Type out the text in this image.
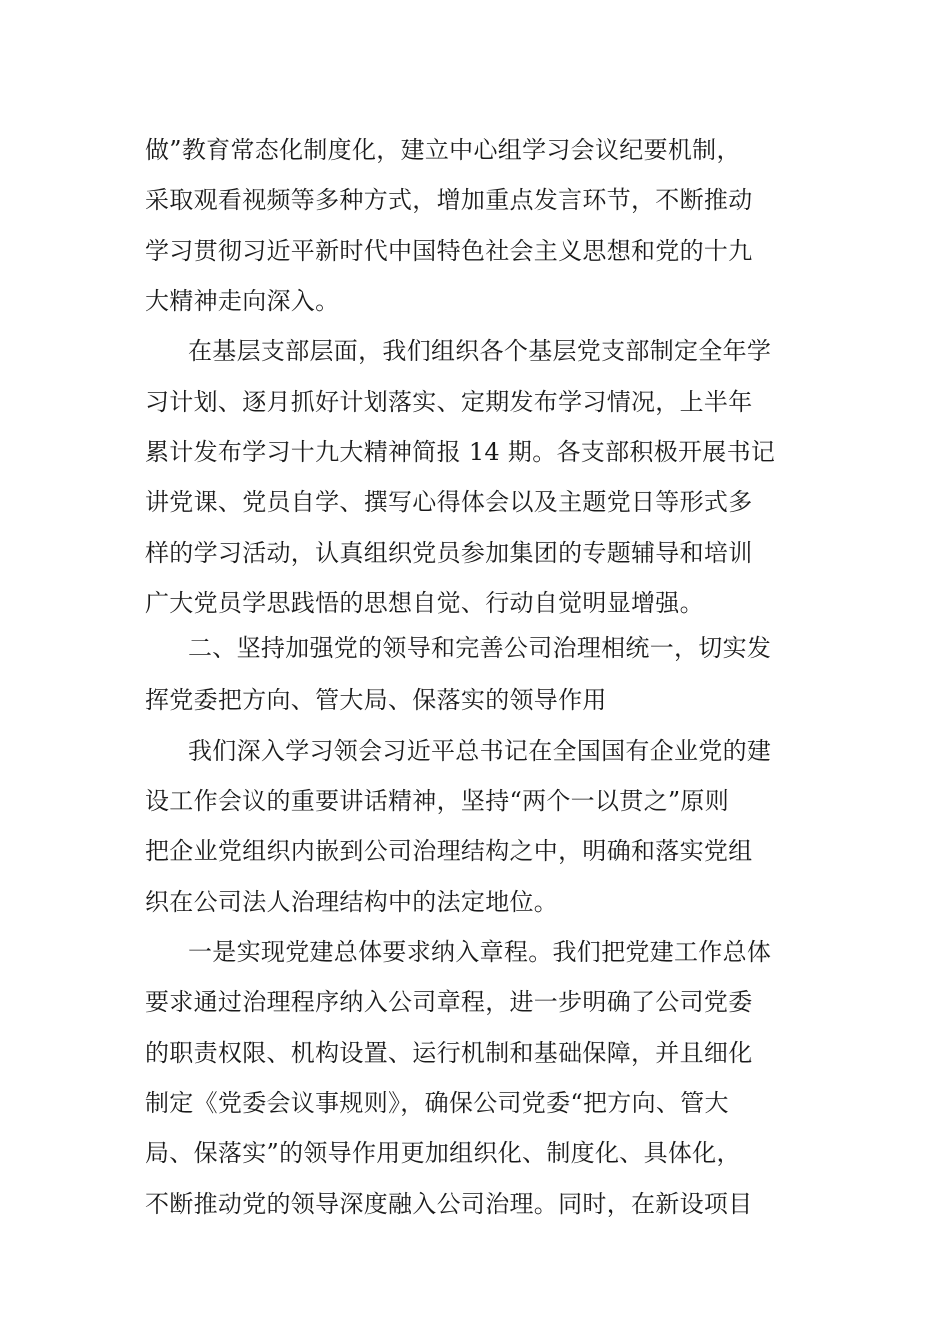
做”教育常态化制度化，建立中心组学习会议纪要机制，
采取观看视频等多种方式，增加重点发言环节，不断推动
学习贯彻习近平新时代中国特色社会主义思想和党的十九
大精神走向深入。
在基层支部层面，我们组织各个基层党支部制定全年学
习计划、逐月抓好计划落实、定期发布学习情况，上半年
累计发布学习十九大精神简报 14 期。各支部积极开展书记
讲党课、党员自学、撰写心得体会以及主题党日等形式多
样的学习活动，认真组织党员参加集团的专题辅导和培训
广大党员学思践悟的思想自觉、行动自觉明显增强。
二、坚持加强党的领导和完善公司治理相统一，切实发
挥党委把方向、管大局、保落实的领导作用
我们深入学习领会习近平总书记在全国国有企业党的建
设工作会议的重要讲话精神，坚持“两个一以贯之”原则
把企业党组织内嵌到公司治理结构之中，明确和落实党组
织在公司法人治理结构中的法定地位。
一是实现党建总体要求纳入章程。我们把党建工作总体
要求通过治理程序纳入公司章程，进一步明确了公司党委
的职责权限、机构设置、运行机制和基础保障，并且细化
制定《党委会议事规则》，确保公司党委“把方向、管大
局、保落实”的领导作用更加组织化、制度化、具体化，
不断推动党的领导深度融入公司治理。同时，在新设项目
